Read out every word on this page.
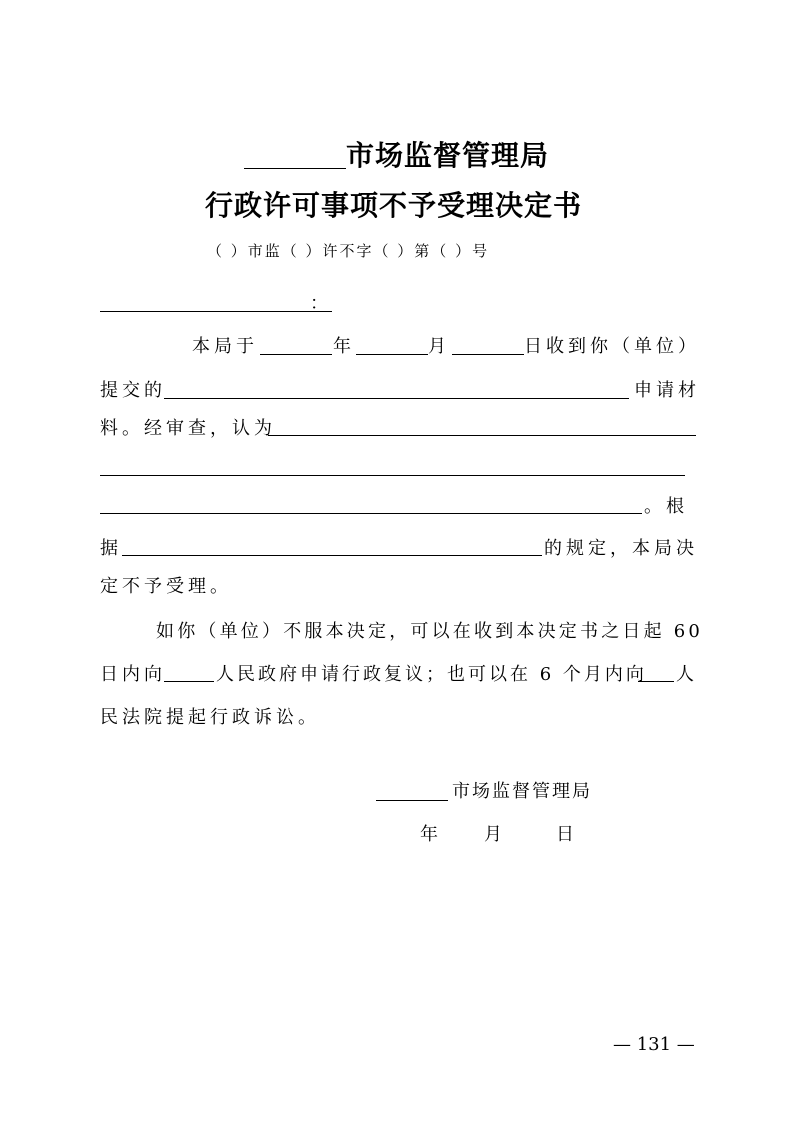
市场监督管理局
行政许可事项不予受理决定书
（ ）市监（ ）许不字（ ）第（ ）号
：
本局于	年	月	日收到你（单位）
提交的	申请材
料。经审查，认为
。根
据	的规定，本局决
定不予受理。
如你（单位）不服本决定，可以在收到本决定书之日起 60
日内向	人民政府申请行政复议；也可以在 6 个月内向 人
民法院提起行政诉讼。
市场监督管理局
年 月	日
— 131 —
